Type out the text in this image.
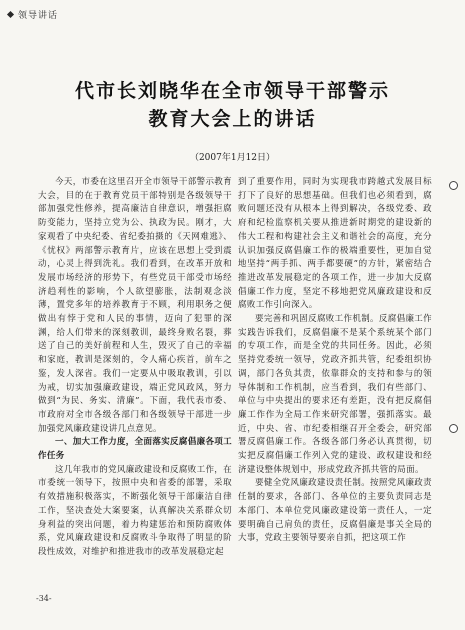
领导讲话
代市长刘晓华在全市领导干部警示
教育大会上的讲话
（2007年1月12日）

今天，市委在这里召开全市领导干部警示教育大会，目的在于教育党员干部特别是各级领导干部加强党性修养，提高廉洁自律意识，增强拒腐防变能力，坚持立党为公、执政为民。刚才，大家观看了中央纪委、省纪委拍摄的《天网难逃》、《忧权》两部警示教育片，应该在思想上受到震动，心灵上得到洗礼。我们看到，在改革开放和发展市场经济的形势下，有些党员干部受市场经济趋利性的影响，个人欲望膨胀，法制观念淡薄，置党多年的培养教育于不顾，利用职务之便做出有悖于党和人民的事情，迈向了犯罪的深渊，给人们带来的深刻教训，最终身败名裂，葬送了自己的美好前程和人生，毁灭了自己的幸福和家庭，教训是深刻的，令人痛心疾首，前车之鉴，发人深省。我们一定要从中吸取教训，引以为戒，切实加强廉政建设，端正党风政风，努力做到“为民、务实、清廉”。下面，我代表市委、市政府对全市各级各部门和各级领导干部进一步加强党风廉政建设讲几点意见。

一、加大工作力度，全面落实反腐倡廉各项工作任务

这几年我市的党风廉政建设和反腐败工作，在市委统一领导下，按照中央和省委的部署，采取有效措施积极落实，不断强化领导干部廉洁自律工作，坚决查处大案要案，认真解决关系群众切身利益的突出问题，着力构建惩治和预防腐败体系，党风廉政建设和反腐败斗争取得了明显的阶段性成效，对维护和推进我市的改革发展稳定起

到了重要作用，同时为实现我市跨越式发展目标打下了良好的思想基础。但我们也必须看到，腐败问题还没有从根本上得到解决，各级党委、政府和纪检监察机关要从推进新时期党的建设新的伟大工程和构建社会主义和谐社会的高度，充分认识加强反腐倡廉工作的极端重要性，更加自觉地坚持“两手抓、两手都要硬”的方针，紧密结合推进改革发展稳定的各项工作，进一步加大反腐倡廉工作力度，坚定不移地把党风廉政建设和反腐败工作引向深入。

要完善和巩固反腐败工作机制。反腐倡廉工作实践告诉我们，反腐倡廉不是某个系统某个部门的专项工作，而是全党的共同任务。因此，必须坚持党委统一领导，党政齐抓共管，纪委组织协调，部门各负其责，依靠群众的支持和参与的领导体制和工作机制，应当看到，我们有些部门、单位与中央提出的要求还有差距，没有把反腐倡廉工作作为全局工作来研究部署，强抓落实。最近，中央、省、市纪委相继召开全委会，研究部署反腐倡廉工作。各级各部门务必认真贯彻，切实把反腐倡廉工作列入党的建设、政权建设和经济建设整体规划中，形成党政齐抓共管的局面。

要健全党风廉政建设责任制。按照党风廉政责任制的要求，各部门、各单位的主要负责同志是本部门、本单位党风廉政建设第一责任人，一定要明确自己肩负的责任，反腐倡廉是事关全局的大事，党政主要领导要亲自抓，把这项工作

-34-
